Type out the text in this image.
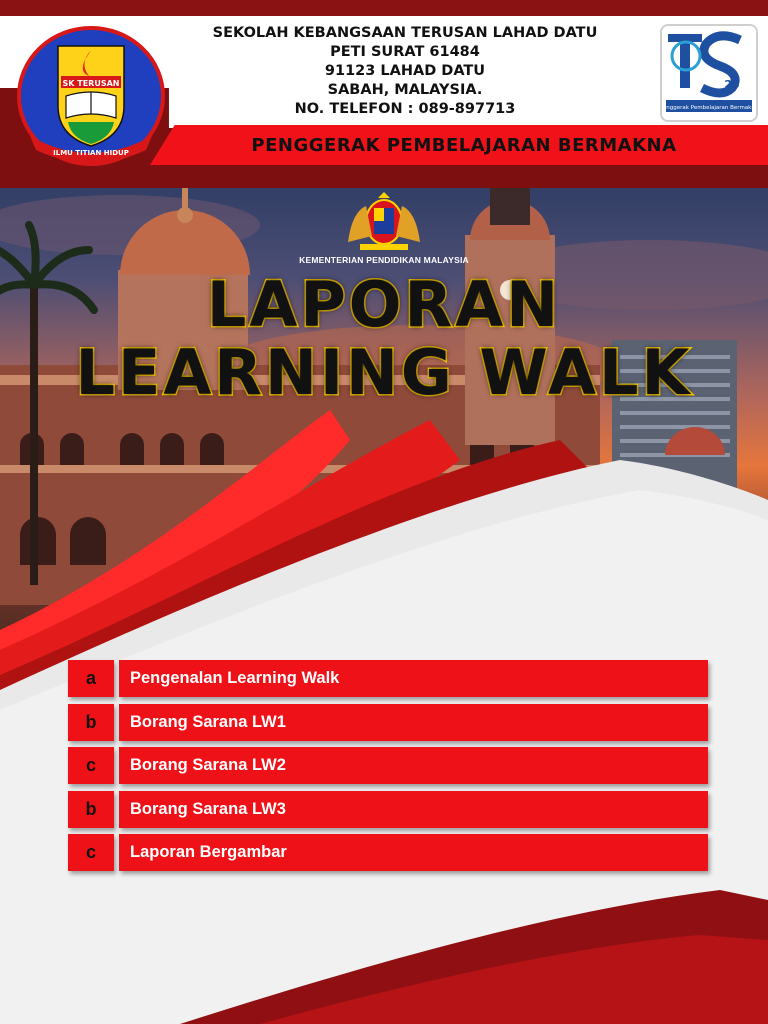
KEMENTERIAN PENDIDIKAN MALAYSIA
LAPORAN
LEARNING WALK
PENGGERAK PEMBELAJARAN BERMAKNA
SEKOLAH KEBANGSAAN TERUSAN LAHAD DATU
PETI SURAT 61484
91123 LAHAD DATU
SABAH, MALAYSIA.
NO. TELEFON : 089-897713
SK TERUSAN
ILMU TITIAN HIDUP
25
Penggerak Pembelajaran Bermakna
a	Pengenalan Learning Walk
b	Borang Sarana LW1
c	Borang Sarana LW2
b	Borang Sarana LW3
c	Laporan Bergambar
